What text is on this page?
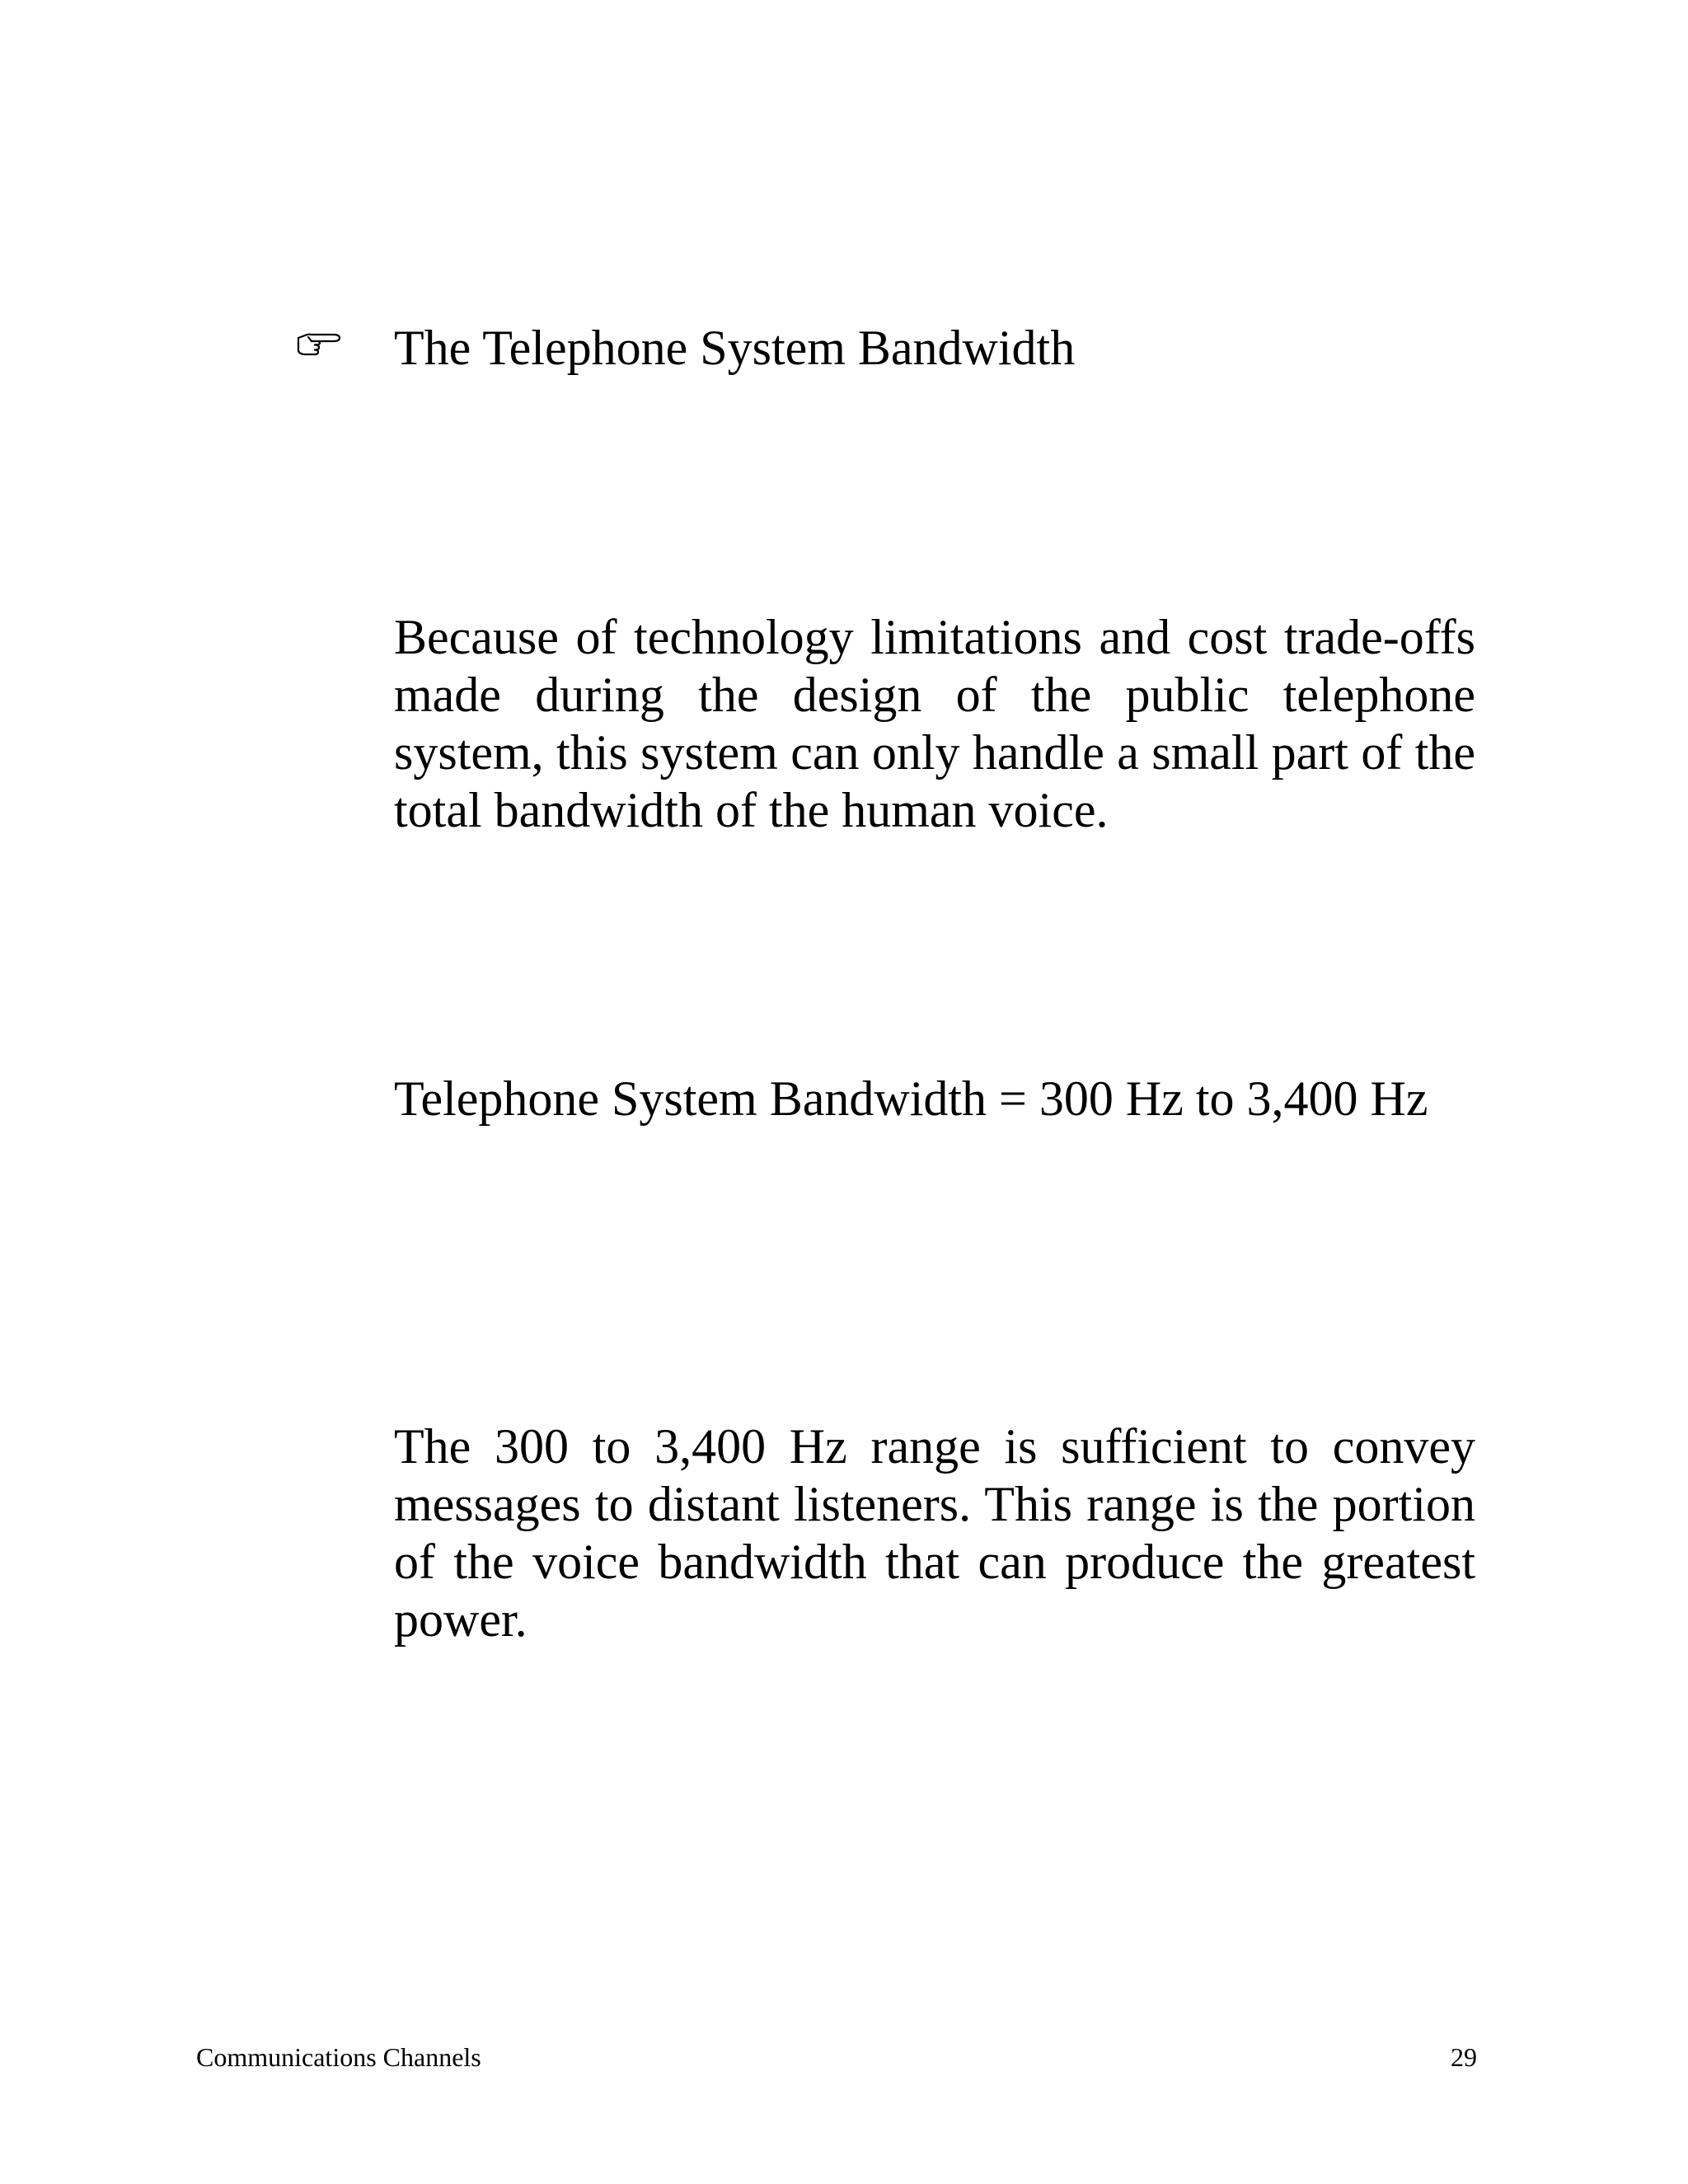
The Telephone System Bandwidth

Because of technology limitations and cost trade-offs made during the design of the public telephone system, this system can only handle a small part of the total bandwidth of the human voice.

Telephone System Bandwidth = 300 Hz to 3,400 Hz

The 300 to 3,400 Hz range is sufficient to convey messages to distant listeners. This range is the portion of the voice bandwidth that can produce the greatest power.

Communications Channels	29
